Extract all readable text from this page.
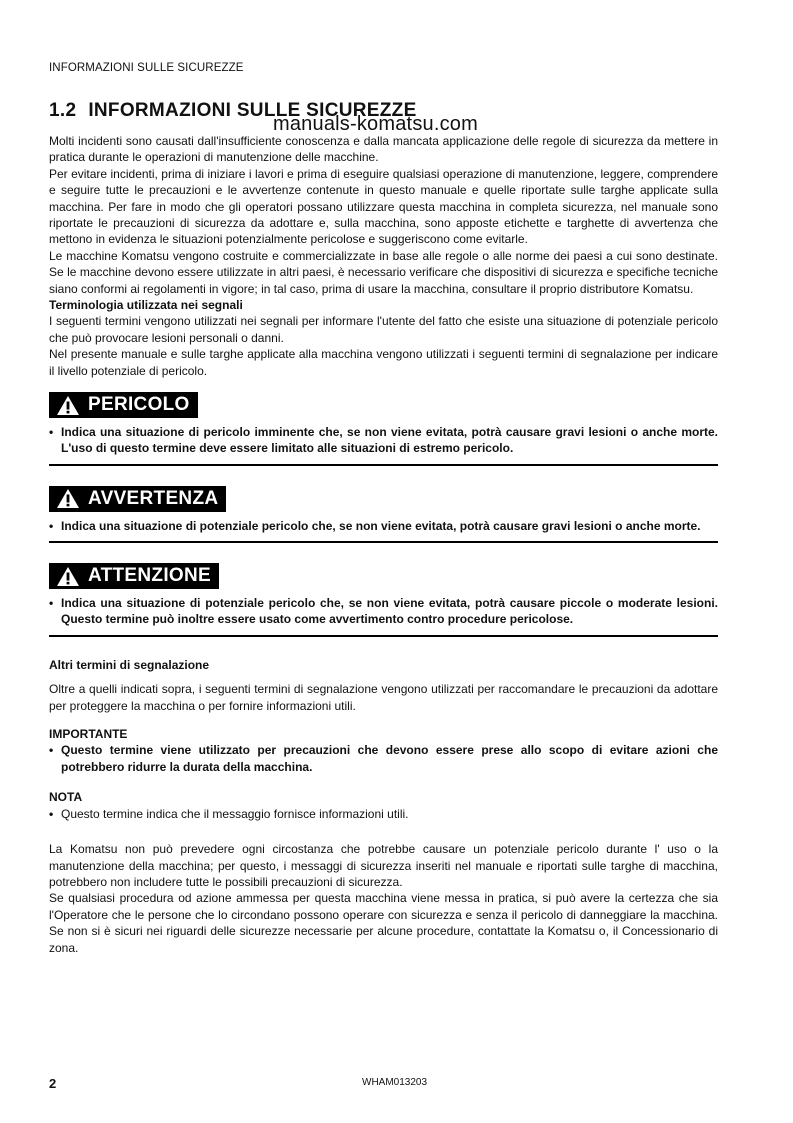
INFORMAZIONI SULLE SICUREZZE
1.2 INFORMAZIONI SULLE SICUREZZE
manuals-komatsu.com

Molti incidenti sono causati dall'insufficiente conoscenza e dalla mancata applicazione delle regole di sicurezza da mettere in pratica durante le operazioni di manutenzione delle macchine.

Per evitare incidenti, prima di iniziare i lavori e prima di eseguire qualsiasi operazione di manutenzione, leggere, comprendere e seguire tutte le precauzioni e le avvertenze contenute in questo manuale e quelle riportate sulle targhe applicate sulla macchina. Per fare in modo che gli operatori possano utilizzare questa macchina in completa sicurezza, nel manuale sono riportate le precauzioni di sicurezza da adottare e, sulla macchina, sono apposte etichette e targhette di avvertenza che mettono in evidenza le situazioni potenzialmente pericolose e suggeriscono come evitarle.

Le macchine Komatsu vengono costruite e commercializzate in base alle regole o alle norme dei paesi a cui sono destinate. Se le macchine devono essere utilizzate in altri paesi, è necessario verificare che dispositivi di sicurezza e specifiche tecniche siano conformi ai regolamenti in vigore; in tal caso, prima di usare la macchina, consultare il proprio distributore Komatsu.

Terminologia utilizzata nei segnali

I seguenti termini vengono utilizzati nei segnali per informare l'utente del fatto che esiste una situazione di potenziale pericolo che può provocare lesioni personali o danni.

Nel presente manuale e sulle targhe applicate alla macchina vengono utilizzati i seguenti termini di segnalazione per indicare il livello potenziale di pericolo.

PERICOLO
• Indica una situazione di pericolo imminente che, se non viene evitata, potrà causare gravi lesioni o anche morte. L'uso di questo termine deve essere limitato alle situazioni di estremo pericolo.
AVVERTENZA
• Indica una situazione di potenziale pericolo che, se non viene evitata, potrà causare gravi lesioni o anche morte.
ATTENZIONE
• Indica una situazione di potenziale pericolo che, se non viene evitata, potrà causare piccole o moderate lesioni. Questo termine può inoltre essere usato come avvertimento contro procedure pericolose.

Altri termini di segnalazione

Oltre a quelli indicati sopra, i seguenti termini di segnalazione vengono utilizzati per raccomandare le precauzioni da adottare per proteggere la macchina o per fornire informazioni utili.

IMPORTANTE

• Questo termine viene utilizzato per precauzioni che devono essere prese allo scopo di evitare azioni che potrebbero ridurre la durata della macchina.

NOTA

• Questo termine indica che il messaggio fornisce informazioni utili.

La Komatsu non può prevedere ogni circostanza che potrebbe causare un potenziale pericolo durante l' uso o la manutenzione della macchina; per questo, i messaggi di sicurezza inseriti nel manuale e riportati sulle targhe di macchina, potrebbero non includere tutte le possibili precauzioni di sicurezza.

Se qualsiasi procedura od azione ammessa per questa macchina viene messa in pratica, si può avere la certezza che sia l'Operatore che le persone che lo circondano possono operare con sicurezza e senza il pericolo di danneggiare la macchina. Se non si è sicuri nei riguardi delle sicurezze necessarie per alcune procedure, contattate la Komatsu o, il Concessionario di zona.

2	WHAM013203
